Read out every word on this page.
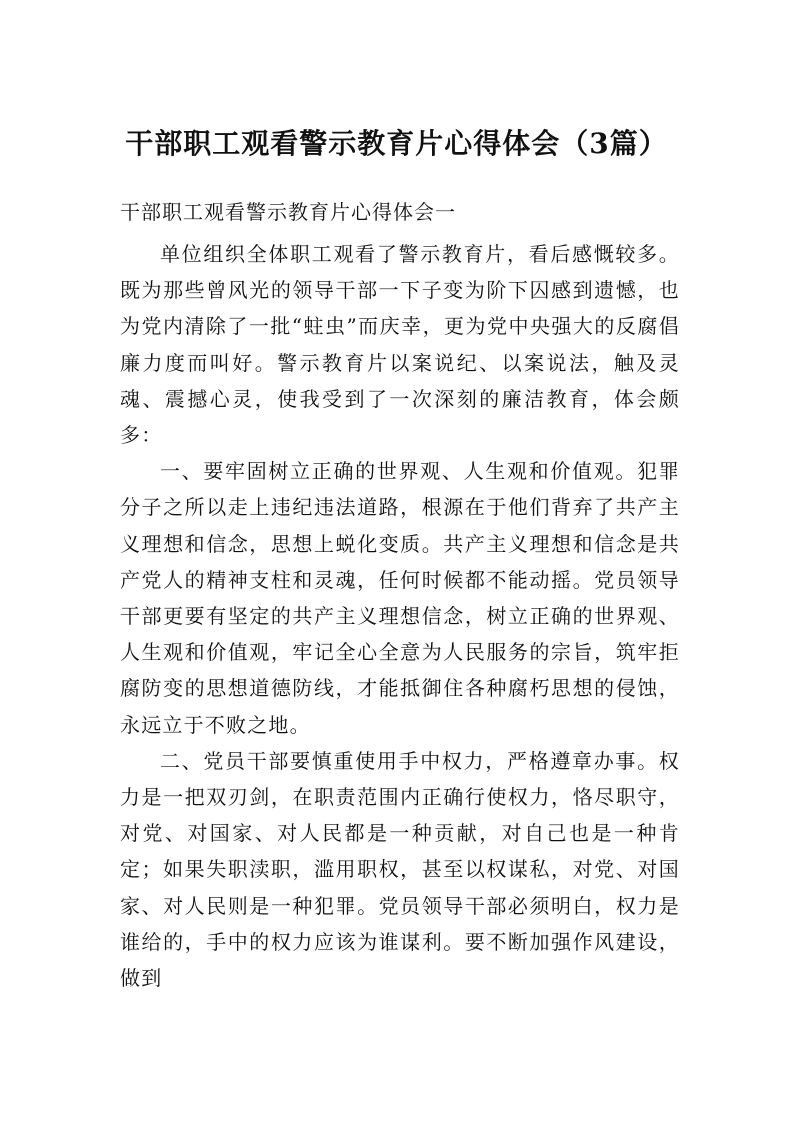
干部职工观看警示教育片心得体会（3篇）

干部职工观看警示教育片心得体会一

单位组织全体职工观看了警示教育片，看后感慨较多。既为那些曾风光的领导干部一下子变为阶下囚感到遗憾，也为党内清除了一批“蛀虫”而庆幸，更为党中央强大的反腐倡廉力度而叫好。警示教育片以案说纪、以案说法，触及灵魂、震撼心灵，使我受到了一次深刻的廉洁教育，体会颇多：

一、要牢固树立正确的世界观、人生观和价值观。犯罪分子之所以走上违纪违法道路，根源在于他们背弃了共产主义理想和信念，思想上蜕化变质。共产主义理想和信念是共产党人的精神支柱和灵魂，任何时候都不能动摇。党员领导干部更要有坚定的共产主义理想信念，树立正确的世界观、人生观和价值观，牢记全心全意为人民服务的宗旨，筑牢拒腐防变的思想道德防线，才能抵御住各种腐朽思想的侵蚀，永远立于不败之地。

二、党员干部要慎重使用手中权力，严格遵章办事。权力是一把双刃剑，在职责范围内正确行使权力，恪尽职守，对党、对国家、对人民都是一种贡献，对自己也是一种肯定；如果失职渎职，滥用职权，甚至以权谋私，对党、对国家、对人民则是一种犯罪。党员领导干部必须明白，权力是谁给的，手中的权力应该为谁谋利。要不断加强作风建设，做到
